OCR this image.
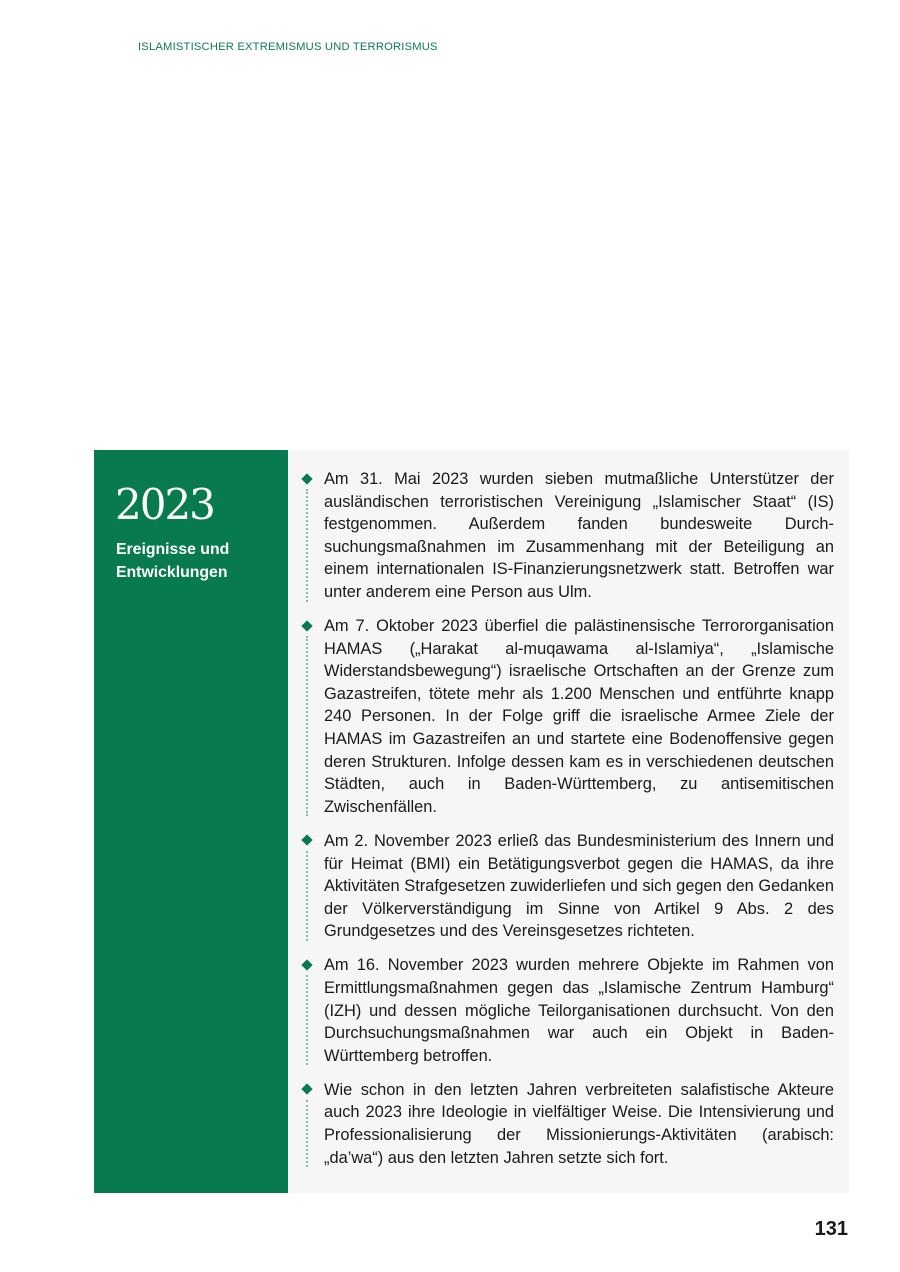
ISLAMISTISCHER EXTREMISMUS UND TERRORISMUS
2023
Ereignisse und
Entwicklungen
Am 31. Mai 2023 wurden sieben mutmaßliche Unterstützer der ausländischen terroristischen Vereinigung „Islamischer Staat“ (IS) festgenommen. Außerdem fanden bundesweite Durchsuchungsmaßnahmen im Zusammenhang mit der Beteiligung an einem internationalen IS-Finanzierungsnetzwerk statt. Betroffen war unter anderem eine Person aus Ulm.
Am 7. Oktober 2023 überfiel die palästinensische Terrororganisation HAMAS („Harakat al-muqawama al-Islamiya“, „Islamische Widerstandsbewegung“) israelische Ortschaften an der Grenze zum Gazastreifen, tötete mehr als 1.200 Menschen und entführte knapp 240 Personen. In der Folge griff die israelische Armee Ziele der HAMAS im Gazastreifen an und startete eine Bodenoffensive gegen deren Strukturen. Infolge dessen kam es in verschiedenen deutschen Städten, auch in Baden-Württemberg, zu antisemitischen Zwischenfällen.
Am 2. November 2023 erließ das Bundesministerium des Innern und für Heimat (BMI) ein Betätigungsverbot gegen die HAMAS, da ihre Aktivitäten Strafgesetzen zuwiderliefen und sich gegen den Gedanken der Völkerverständigung im Sinne von Artikel 9 Abs. 2 des Grundgesetzes und des Vereinsgesetzes richteten.
Am 16. November 2023 wurden mehrere Objekte im Rahmen von Ermittlungsmaßnahmen gegen das „Islamische Zentrum Hamburg“ (IZH) und dessen mögliche Teilorganisationen durchsucht. Von den Durchsuchungsmaßnahmen war auch ein Objekt in Baden-Württemberg betroffen.
Wie schon in den letzten Jahren verbreiteten salafistische Akteure auch 2023 ihre Ideologie in vielfältiger Weise. Die Intensivierung und Professionalisierung der Missionierungs-Aktivitäten (arabisch: „da’wa“) aus den letzten Jahren setzte sich fort.
131
